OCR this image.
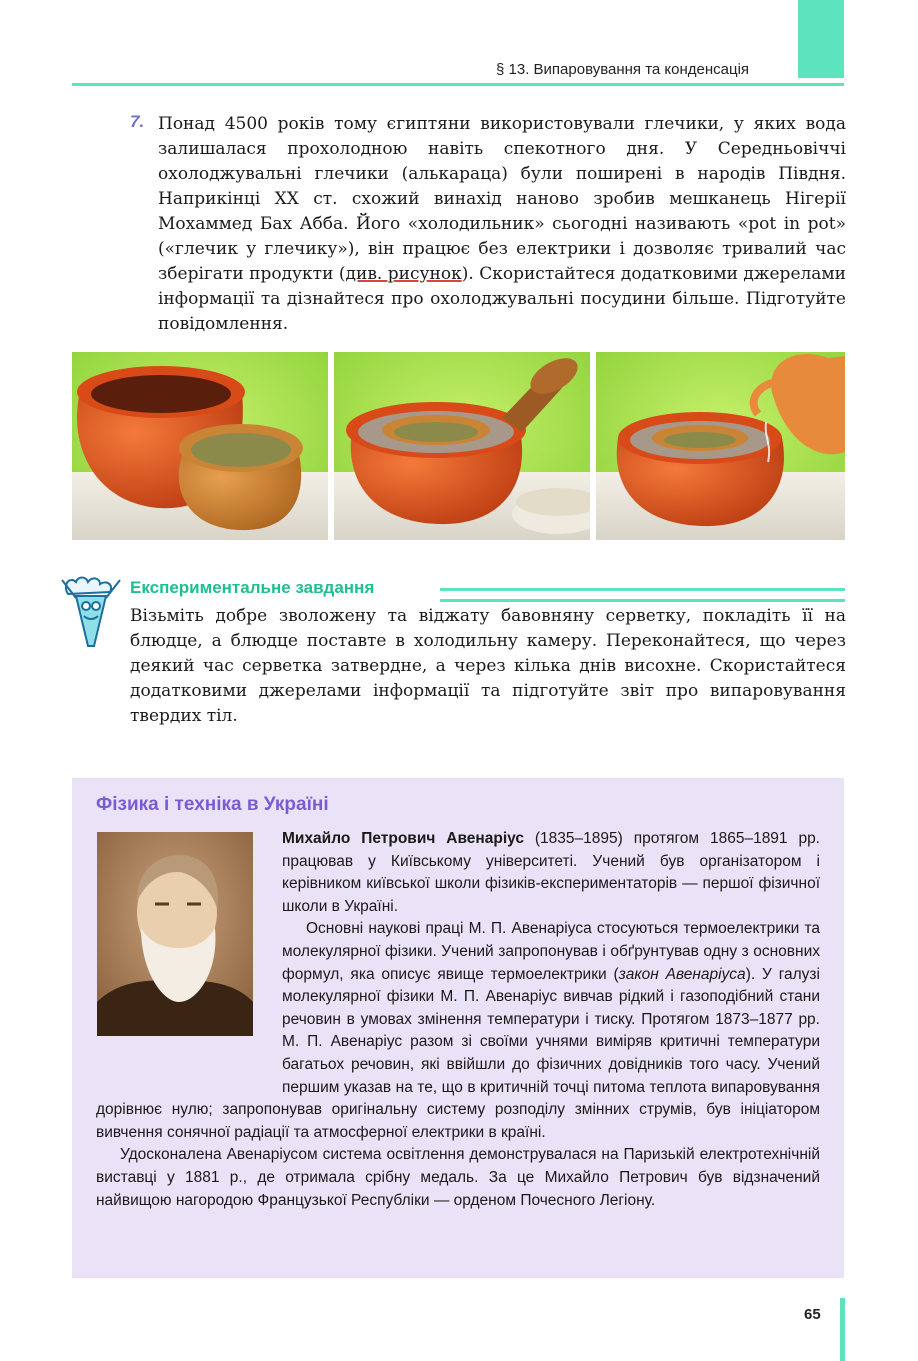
§ 13. Випаровування та конденсація
7. Понад 4500 років тому єгиптяни використовували глечики, у яких вода залишалася прохолодною навіть спекотного дня. У Середньовіччі охолоджувальні глечики (алькараца) були поширені в народів Півдня. Наприкінці XX ст. схожий винахід наново зробив мешканець Нігерії Мохаммед Бах Абба. Його «холодильник» сьогодні називають «pot in pot» («глечик у глечику»), він працює без електрики і дозволяє тривалий час зберігати продукти (див. рисунок). Скористайтеся додатковими джерелами інформації та дізнайтеся про охолоджувальні посудини більше. Підготуйте повідомлення.
Експериментальне завдання
Візьміть добре зволожену та віджату бавовняну серветку, покладіть її на блюдце, а блюдце поставте в холодильну камеру. Переконайтеся, що через деякий час серветка затвердне, а через кілька днів висохне. Скористайтеся додатковими джерелами інформації та підготуйте звіт про випаровування твердих тіл.
Фізика і техніка в Україні

Михайло Петрович Авенаріус (1835–1895) протягом 1865–1891 рр. працював у Київському університеті. Учений був організатором і керівником київської школи фізиків-експериментаторів — першої фізичної школи в Україні.

Основні наукові праці М. П. Авенаріуса стосуються термоелектрики та молекулярної фізики. Учений запропонував і обґрунтував одну з основних формул, яка описує явище термоелектрики (закон Авенаріуса). У галузі молекулярної фізики М. П. Авенаріус вивчав рідкий і газоподібний стани речовин в умовах змінення температури і тиску. Протягом 1873–1877 рр. М. П. Авенаріус разом зі своїми учнями виміряв критичні температури багатьох речовин, які ввійшли до фізичних довідників того часу. Учений першим указав на те, що в критичній точці питома теплота випаровування дорівнює нулю; запропонував оригінальну систему розподілу змінних струмів, був ініціатором вивчення сонячної радіації та атмосферної електрики в країні.

Удосконалена Авенаріусом система освітлення демонструвалася на Паризькій електротехнічній виставці у 1881 р., де отримала срібну медаль. За це Михайло Петрович був відзначений найвищою нагородою Французької Республіки — орденом Почесного Легіону.

65
